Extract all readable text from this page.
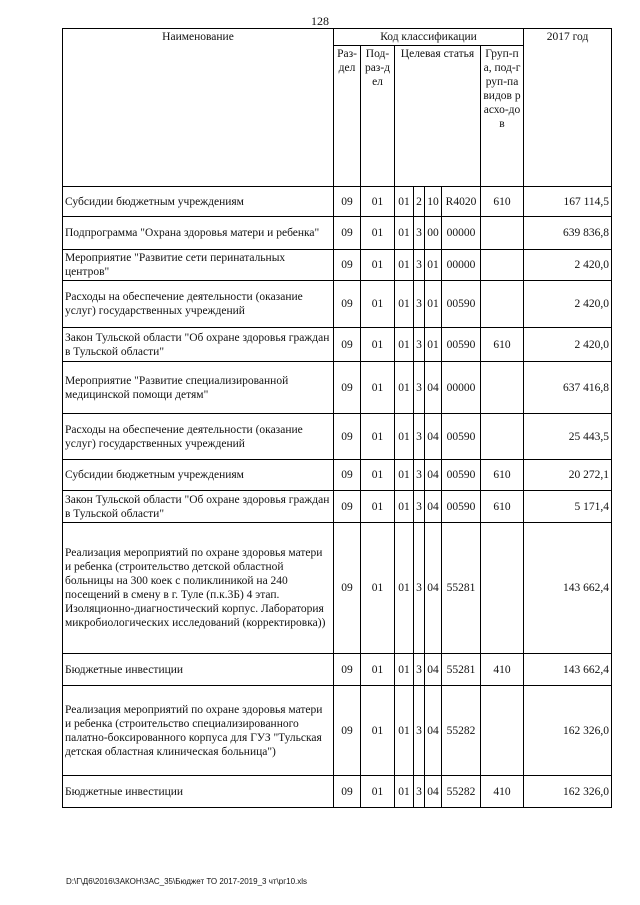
128
Наименование	Код классификации							2017 год
	Раз-дел	Под-раз-дел	Целевая статья				Груп-па, под-груп-па видов расхо-дов	
Субсидии бюджетным учреждениям	09	01	01	2	10	R4020	610	167 114,5
Подпрограмма "Охрана здоровья матери и ребенка"	09	01	01	3	00	00000		639 836,8
Мероприятие "Развитие сети перинатальных центров"	09	01	01	3	01	00000		2 420,0
Расходы на обеспечение деятельности (оказание услуг) государственных учреждений	09	01	01	3	01	00590		2 420,0
Закон Тульской области "Об охране здоровья граждан в Тульской области"	09	01	01	3	01	00590	610	2 420,0
Мероприятие "Развитие специализированной медицинской помощи детям"	09	01	01	3	04	00000		637 416,8
Расходы на обеспечение деятельности (оказание услуг) государственных учреждений	09	01	01	3	04	00590		25 443,5
Субсидии бюджетным учреждениям	09	01	01	3	04	00590	610	20 272,1
Закон Тульской области "Об охране здоровья граждан в Тульской области"	09	01	01	3	04	00590	610	5 171,4
Реализация мероприятий по охране здоровья матери и ребенка (строительство детской областной больницы на 300 коек с поликлиникой на 240 посещений в смену в г. Туле (п.к.3Б) 4 этап. Изоляционно-диагностический корпус. Лаборатория микробиологических исследований (корректировка))	09	01	01	3	04	55281		143 662,4
Бюджетные инвестиции	09	01	01	3	04	55281	410	143 662,4
Реализация мероприятий по охране здоровья матери и ребенка (строительство специализированного палатно-боксированного корпуса для ГУЗ "Тульская детская областная клиническая больница")	09	01	01	3	04	55282		162 326,0
Бюджетные инвестиции	09	01	01	3	04	55282	410	162 326,0
D:\Г\Д6\2016\ЗАКОН\ЗАС_35\Бюджет ТО 2017-2019_3 чт\рг10.xls
